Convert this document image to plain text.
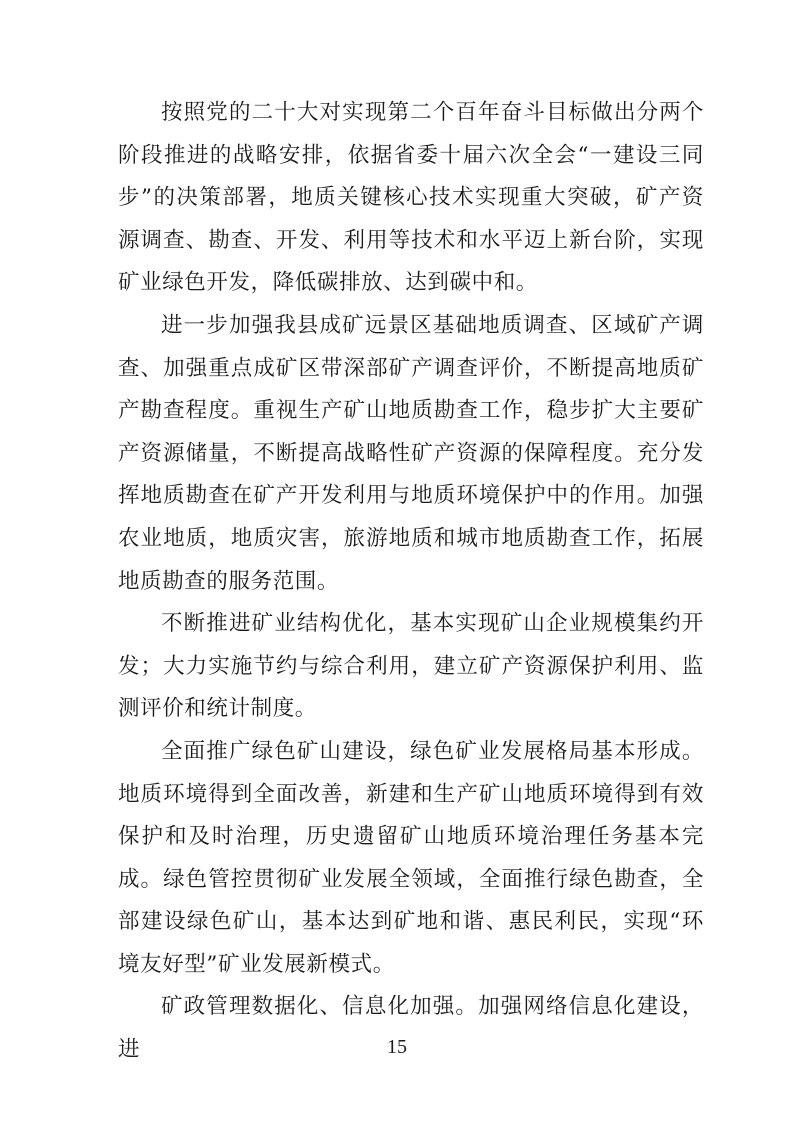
按照党的二十大对实现第二个百年奋斗目标做出分两个阶段推进的战略安排，依据省委十届六次全会“一建设三同步”的决策部署，地质关键核心技术实现重大突破，矿产资源调查、勘查、开发、利用等技术和水平迈上新台阶，实现矿业绿色开发，降低碳排放、达到碳中和。

进一步加强我县成矿远景区基础地质调查、区域矿产调查、加强重点成矿区带深部矿产调查评价，不断提高地质矿产勘查程度。重视生产矿山地质勘查工作，稳步扩大主要矿产资源储量，不断提高战略性矿产资源的保障程度。充分发挥地质勘查在矿产开发利用与地质环境保护中的作用。加强农业地质，地质灾害，旅游地质和城市地质勘查工作，拓展地质勘查的服务范围。

不断推进矿业结构优化，基本实现矿山企业规模集约开发；大力实施节约与综合利用，建立矿产资源保护利用、监测评价和统计制度。

全面推广绿色矿山建设，绿色矿业发展格局基本形成。地质环境得到全面改善，新建和生产矿山地质环境得到有效保护和及时治理，历史遗留矿山地质环境治理任务基本完成。绿色管控贯彻矿业发展全领域，全面推行绿色勘查，全部建设绿色矿山，基本达到矿地和谐、惠民利民，实现“环境友好型”矿业发展新模式。

矿政管理数据化、信息化加强。加强网络信息化建设，进	15
